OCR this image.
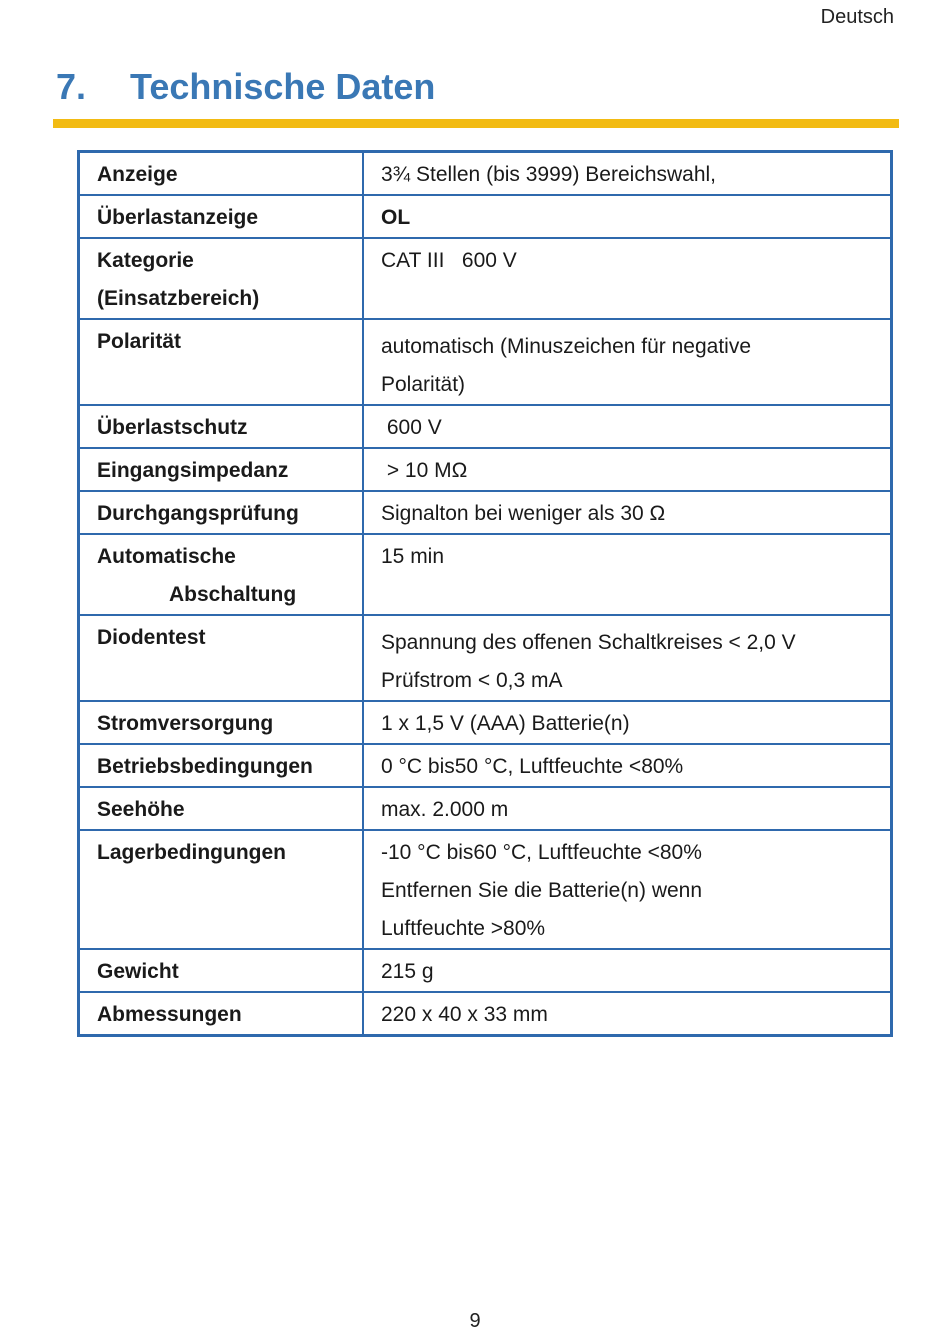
Deutsch
7. Technische Daten
Anzeige	3¾ Stellen (bis 3999) Bereichswahl,

Überlastanzeige	OL

Kategorie
(Einsatzbereich)	CAT III   600 V

Polarität	automatisch (Minuszeichen für negative
Polarität)

Überlastschutz	600 V

Eingangsimpedanz	> 10 MΩ

Durchgangsprüfung	Signalton bei weniger als 30 Ω

Automatische
Abschaltung	15 min

Diodentest	Spannung des offenen Schaltkreises < 2,0 V
Prüfstrom < 0,3 mA

Stromversorgung	1 x 1,5 V (AAA) Batterie(n)

Betriebsbedingungen	0 °C bis50 °C, Luftfeuchte <80%

Seehöhe	max. 2.000 m

Lagerbedingungen	-10 °C bis60 °C, Luftfeuchte <80%
Entfernen Sie die Batterie(n) wenn
Luftfeuchte >80%

Gewicht	215 g

Abmessungen	220 x 40 x 33 mm
9
